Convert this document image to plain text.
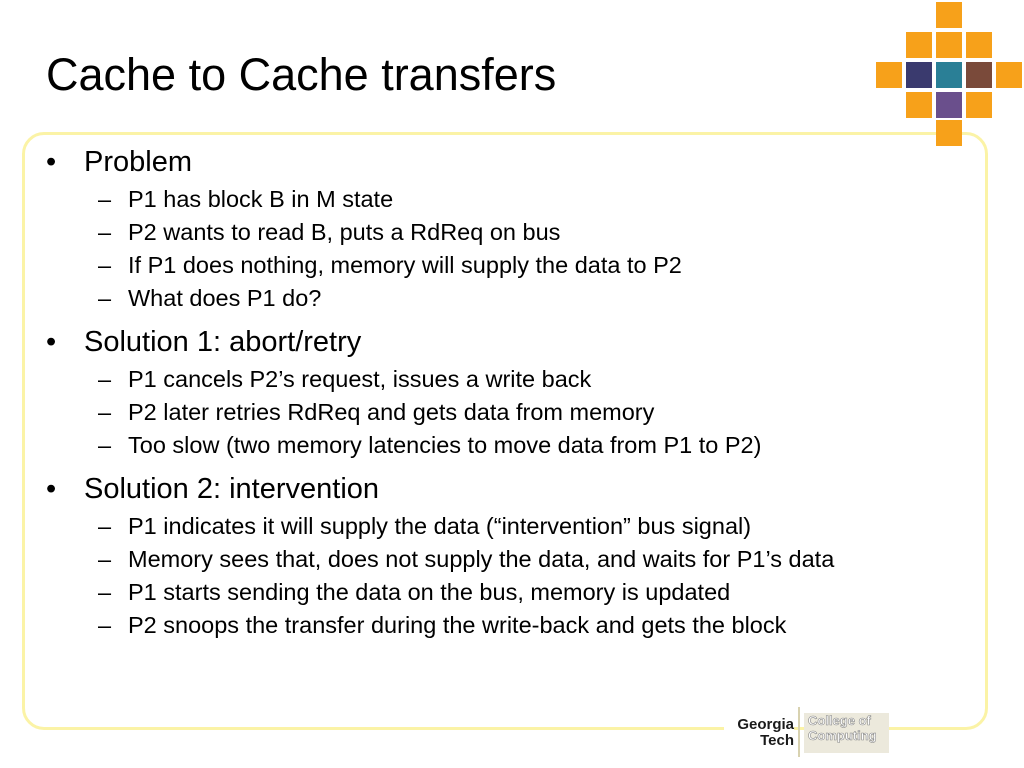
Cache to Cache transfers
• Problem
– P1 has block B in M state
– P2 wants to read B, puts a RdReq on bus
– If P1 does nothing, memory will supply the data to P2
– What does P1 do?
• Solution 1: abort/retry
– P1 cancels P2’s request, issues a write back
– P2 later retries RdReq and gets data from memory
– Too slow (two memory latencies to move data from P1 to P2)
• Solution 2: intervention
– P1 indicates it will supply the data (“intervention” bus signal)
– Memory sees that, does not supply the data, and waits for P1’s data
– P1 starts sending the data on the bus, memory is updated
– P2 snoops the transfer during the write-back and gets the block
Georgia
Tech
College of
Computing
